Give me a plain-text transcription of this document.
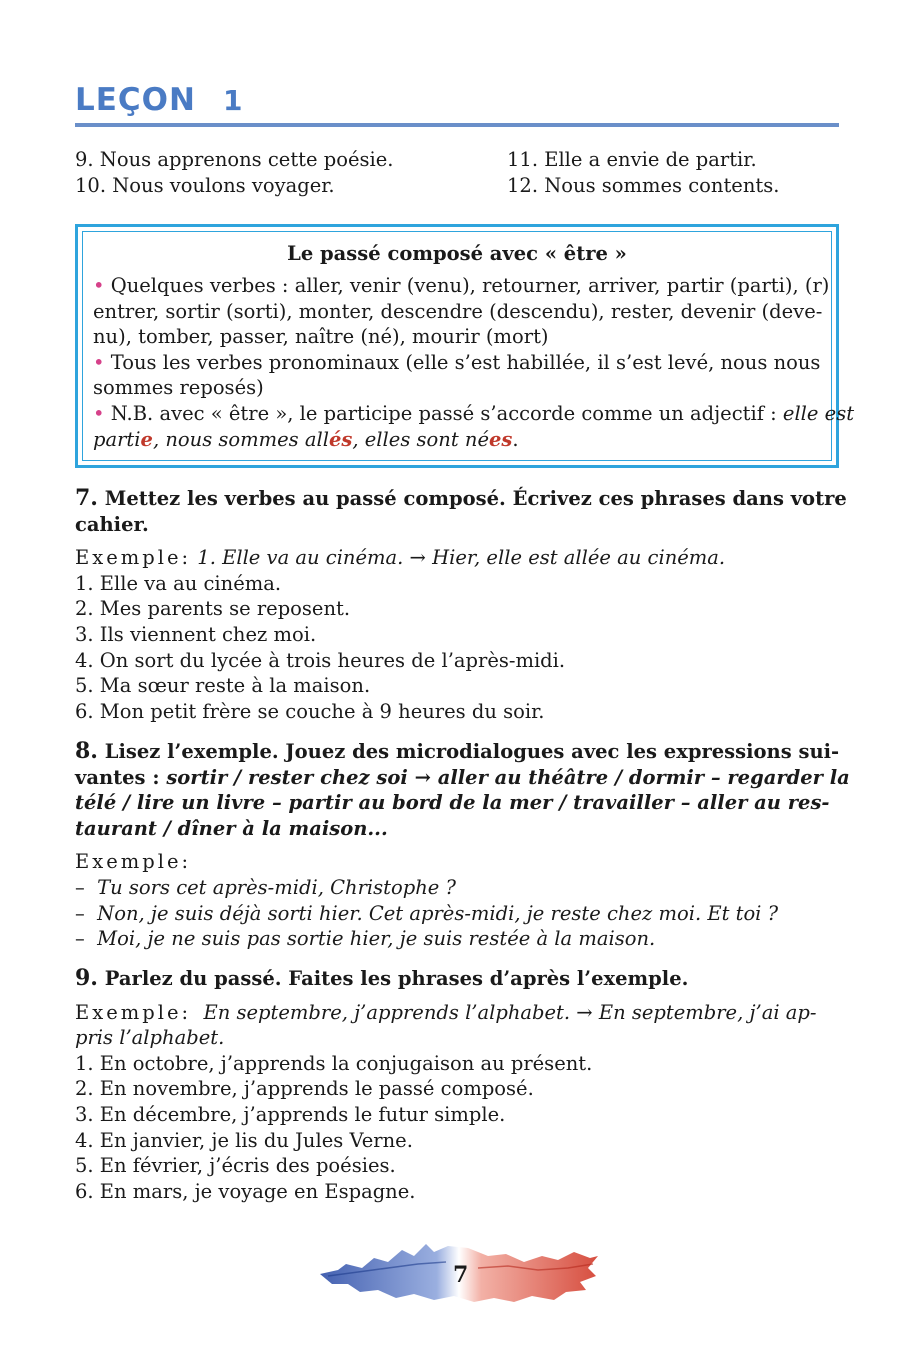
LEÇON 1
9. Nous apprenons cette poésie.
10. Nous voulons voyager.
11. Elle a envie de partir.
12. Nous sommes contents.
Le passé composé avec « être »
• Quelques verbes : aller, venir (venu), retourner, arriver, partir (parti), (r)
entrer, sortir (sorti), monter, descendre (descendu), rester, devenir (deve-
nu), tomber, passer, naître (né), mourir (mort)
• Tous les verbes pronominaux (elle s’est habillée, il s’est levé, nous nous
sommes reposés)
• N.B. avec « être », le participe passé s’accorde comme un adjectif : elle est
partie, nous sommes allés, elles sont nées.
7. Mettez les verbes au passé composé. Écrivez ces phrases dans votre
cahier.
Exemple: 1. Elle va au cinéma. → Hier, elle est allée au cinéma.
1. Elle va au cinéma.
2. Mes parents se reposent.
3. Ils viennent chez moi.
4. On sort du lycée à trois heures de l’après-midi.
5. Ma sœur reste à la maison.
6. Mon petit frère se couche à 9 heures du soir.
8. Lisez l’exemple. Jouez des microdialogues avec les expressions sui-
vantes : sortir / rester chez soi → aller au théâtre / dormir – regarder la
télé / lire un livre – partir au bord de la mer / travailler – aller au res-
taurant / dîner à la maison...
Exemple:
– Tu sors cet après-midi, Christophe ?
– Non, je suis déjà sorti hier. Cet après-midi, je reste chez moi. Et toi ?
– Moi, je ne suis pas sortie hier, je suis restée à la maison.
9. Parlez du passé. Faites les phrases d’après l’exemple.
Exemple: En septembre, j’apprends l’alphabet. → En septembre, j’ai ap-
pris l’alphabet.
1. En octobre, j’apprends la conjugaison au présent.
2. En novembre, j’apprends le passé composé.
3. En décembre, j’apprends le futur simple.
4. En janvier, je lis du Jules Verne.
5. En février, j’écris des poésies.
6. En mars, je voyage en Espagne.
7
